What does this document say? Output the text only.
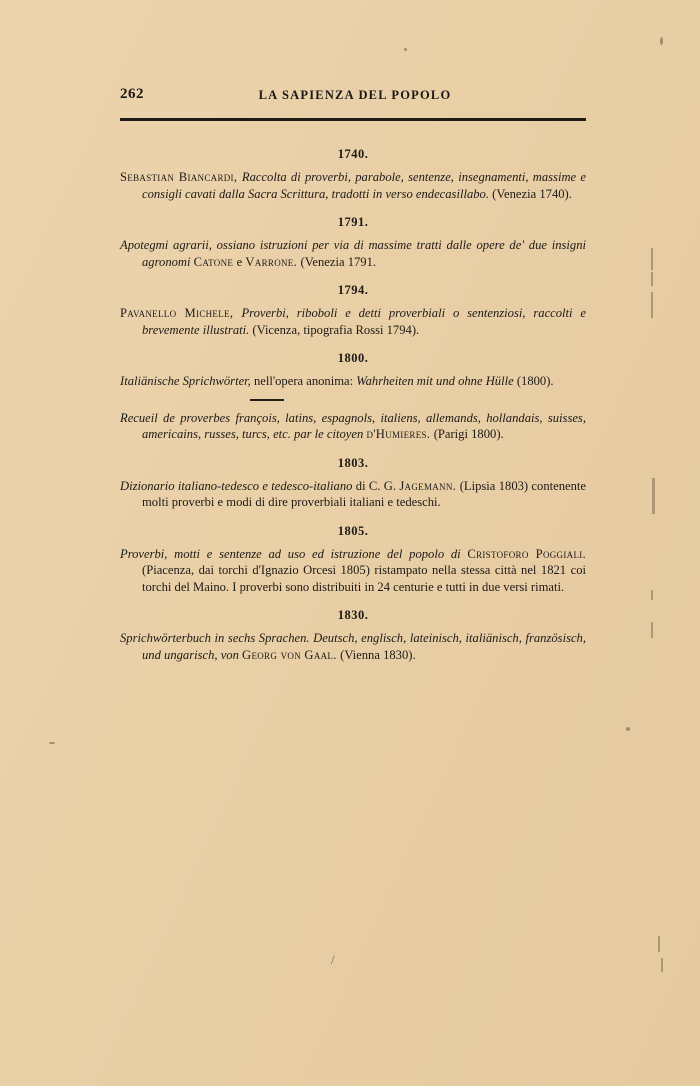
262	LA SAPIENZA DEL POPOLO
1740.

Sebastian Biancardi, Raccolta di proverbi, parabole, sentenze, insegnamenti, massime e consigli cavati dalla Sacra Scrittura, tradotti in verso endecasillabo. (Venezia 1740).

1791.

Apotegmi agrarii, ossiano istruzioni per via di massime tratti dalle opere de' due insigni agronomi Catone e Varrone. (Venezia 1791.

1794.

Pavanello Michele, Proverbi, riboboli e detti proverbiali o sentenziosi, raccolti e brevemente illustrati. (Vicenza, tipografia Rossi 1794).

1800.

Italiänische Sprichwörter, nell'opera anonima: Wahrheiten mit und ohne Hülle (1800).

Recueil de proverbes françois, latins, espagnols, italiens, allemands, hollandais, suisses, americains, russes, turcs, etc. par le citoyen d'Humieres. (Parigi 1800).

1803.

Dizionario italiano-tedesco e tedesco-italiano di C. G. Jagemann. (Lipsia 1803) contenente molti proverbi e modi di dire proverbiali italiani e tedeschi.

1805.

Proverbi, motti e sentenze ad uso ed istruzione del popolo di Cristoforo Poggiali. (Piacenza, dai torchi d'Ignazio Orcesi 1805) ristampato nella stessa città nel 1821 coi torchi del Maino. I proverbi sono distribuiti in 24 centurie e tutti in due versi rimati.

1830.

Sprichwörterbuch in sechs Sprachen. Deutsch, englisch, lateinisch, italiänisch, französisch, und ungarisch, von Georg von Gaal. (Vienna 1830).

/
